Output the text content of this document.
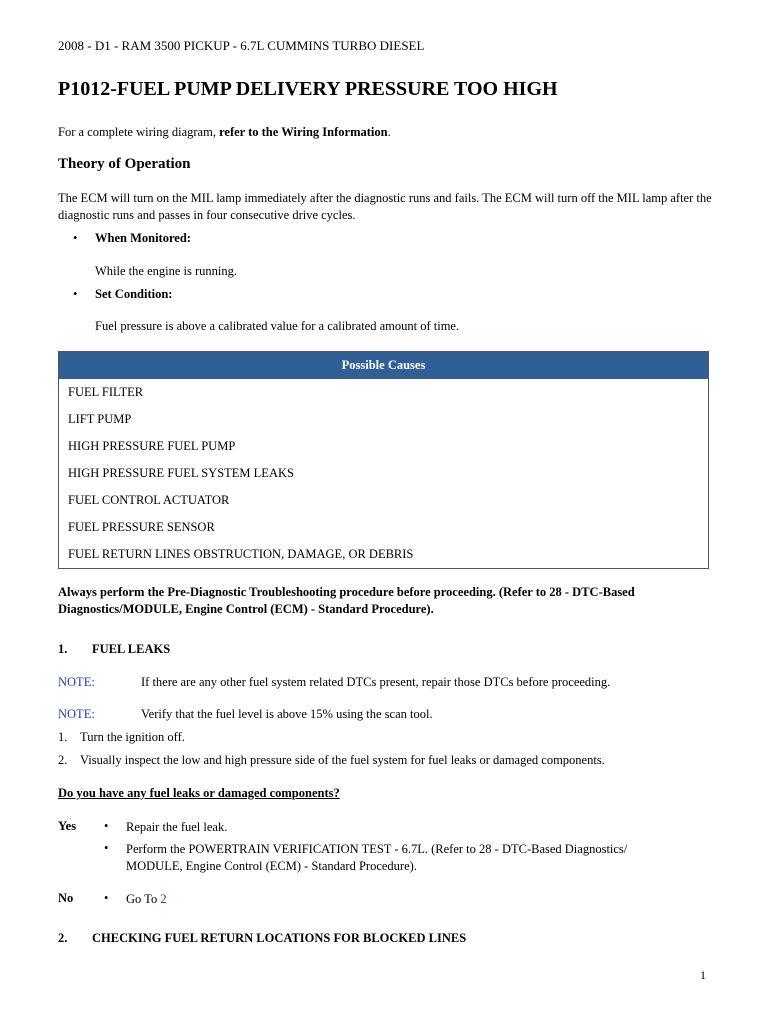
2008 - D1 - RAM 3500 PICKUP - 6.7L CUMMINS TURBO DIESEL
P1012-FUEL PUMP DELIVERY PRESSURE TOO HIGH
For a complete wiring diagram, refer to the Wiring Information.
Theory of Operation
The ECM will turn on the MIL lamp immediately after the diagnostic runs and fails. The ECM will turn off the MIL lamp after the diagnostic runs and passes in four consecutive drive cycles.
• When Monitored:
While the engine is running.
• Set Condition:
Fuel pressure is above a calibrated value for a calibrated amount of time.
Possible Causes
FUEL FILTER
LIFT PUMP
HIGH PRESSURE FUEL PUMP
HIGH PRESSURE FUEL SYSTEM LEAKS
FUEL CONTROL ACTUATOR
FUEL PRESSURE SENSOR
FUEL RETURN LINES OBSTRUCTION, DAMAGE, OR DEBRIS
Always perform the Pre-Diagnostic Troubleshooting procedure before proceeding. (Refer to 28 - DTC-Based Diagnostics/MODULE, Engine Control (ECM) - Standard Procedure).
1. FUEL LEAKS
NOTE:	If there are any other fuel system related DTCs present, repair those DTCs before proceeding.
NOTE:	Verify that the fuel level is above 15% using the scan tool.
1. Turn the ignition off.
2. Visually inspect the low and high pressure side of the fuel system for fuel leaks or damaged components.
Do you have any fuel leaks or damaged components?
Yes • Repair the fuel leak.
• Perform the POWERTRAIN VERIFICATION TEST - 6.7L. (Refer to 28 - DTC-Based Diagnostics/ MODULE, Engine Control (ECM) - Standard Procedure).
No • Go To 2
2. CHECKING FUEL RETURN LOCATIONS FOR BLOCKED LINES
1
